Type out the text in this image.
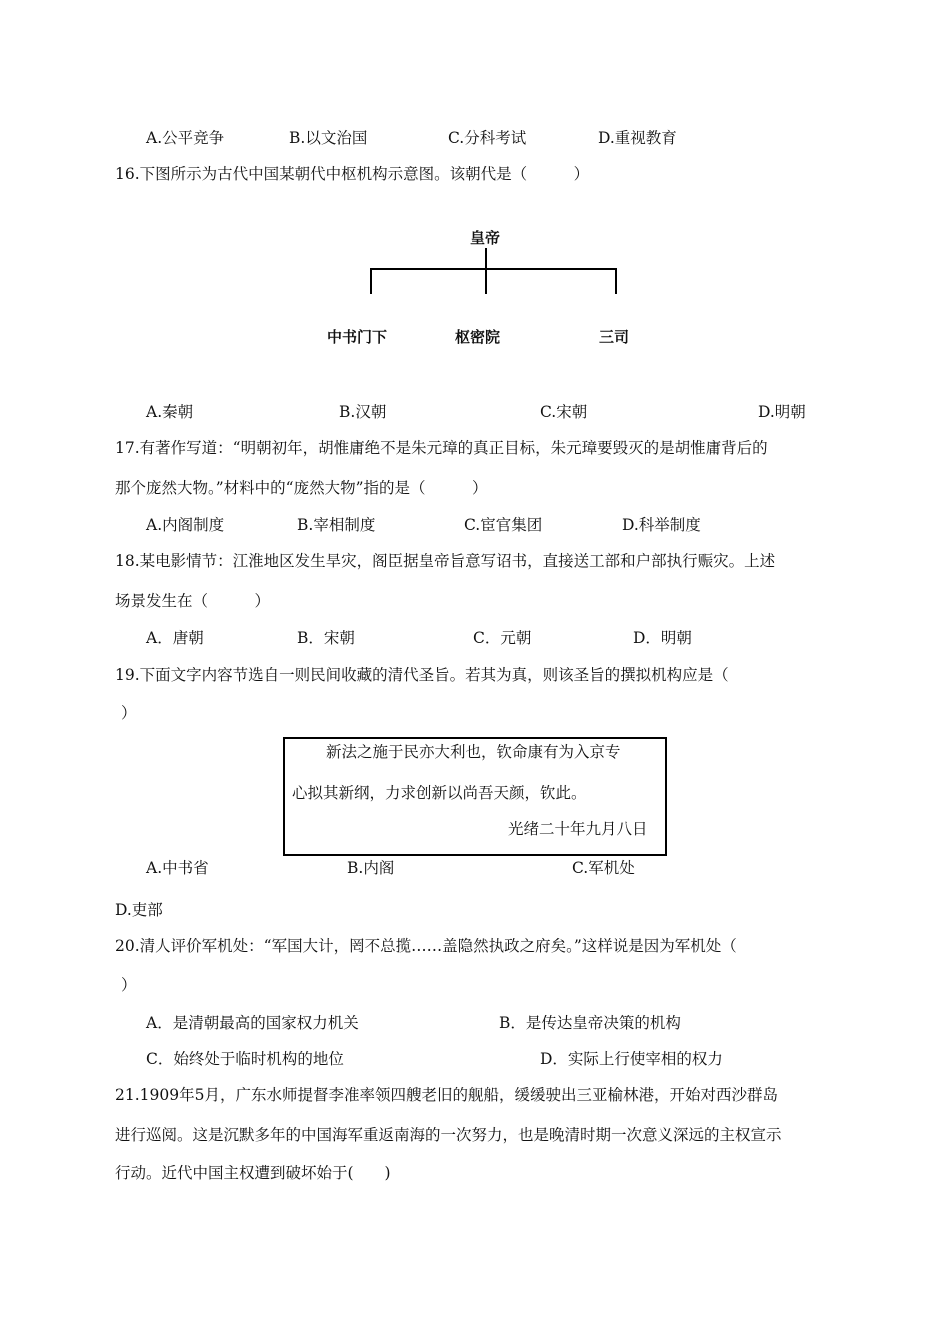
A.公平竞争	B.以文治国	C.分科考试	D.重视教育
16.下图所示为古代中国某朝代中枢机构示意图。该朝代是（　　　）
皇帝
中书门下	枢密院	三司
A.秦朝	B.汉朝	C.宋朝	D.明朝
17.有著作写道：“明朝初年，胡惟庸绝不是朱元璋的真正目标，朱元璋要毁灭的是胡惟庸背后的
那个庞然大物。”材料中的“庞然大物”指的是（　　　）
A.内阁制度	B.宰相制度	C.宦官集团	D.科举制度
18.某电影情节：江淮地区发生旱灾，阁臣据皇帝旨意写诏书，直接送工部和户部执行赈灾。上述
场景发生在（　　　）
A．唐朝	B．宋朝	C．元朝	D．明朝
19.下面文字内容节选自一则民间收藏的清代圣旨。若其为真，则该圣旨的撰拟机构应是（
）
新法之施于民亦大利也，钦命康有为入京专
心拟其新纲，力求创新以尚吾天颜，钦此。
光绪二十年九月八日
A.中书省	B.内阁	C.军机处
D.吏部
20.清人评价军机处：“军国大计，罔不总揽……盖隐然执政之府矣。”这样说是因为军机处（
）
A．是清朝最高的国家权力机关	B．是传达皇帝决策的机构
C．始终处于临时机构的地位	D．实际上行使宰相的权力
21.1909年5月，广东水师提督李准率领四艘老旧的舰船，缓缓驶出三亚榆林港，开始对西沙群岛
进行巡阅。这是沉默多年的中国海军重返南海的一次努力，也是晚清时期一次意义深远的主权宣示
行动。近代中国主权遭到破坏始于(　　)
